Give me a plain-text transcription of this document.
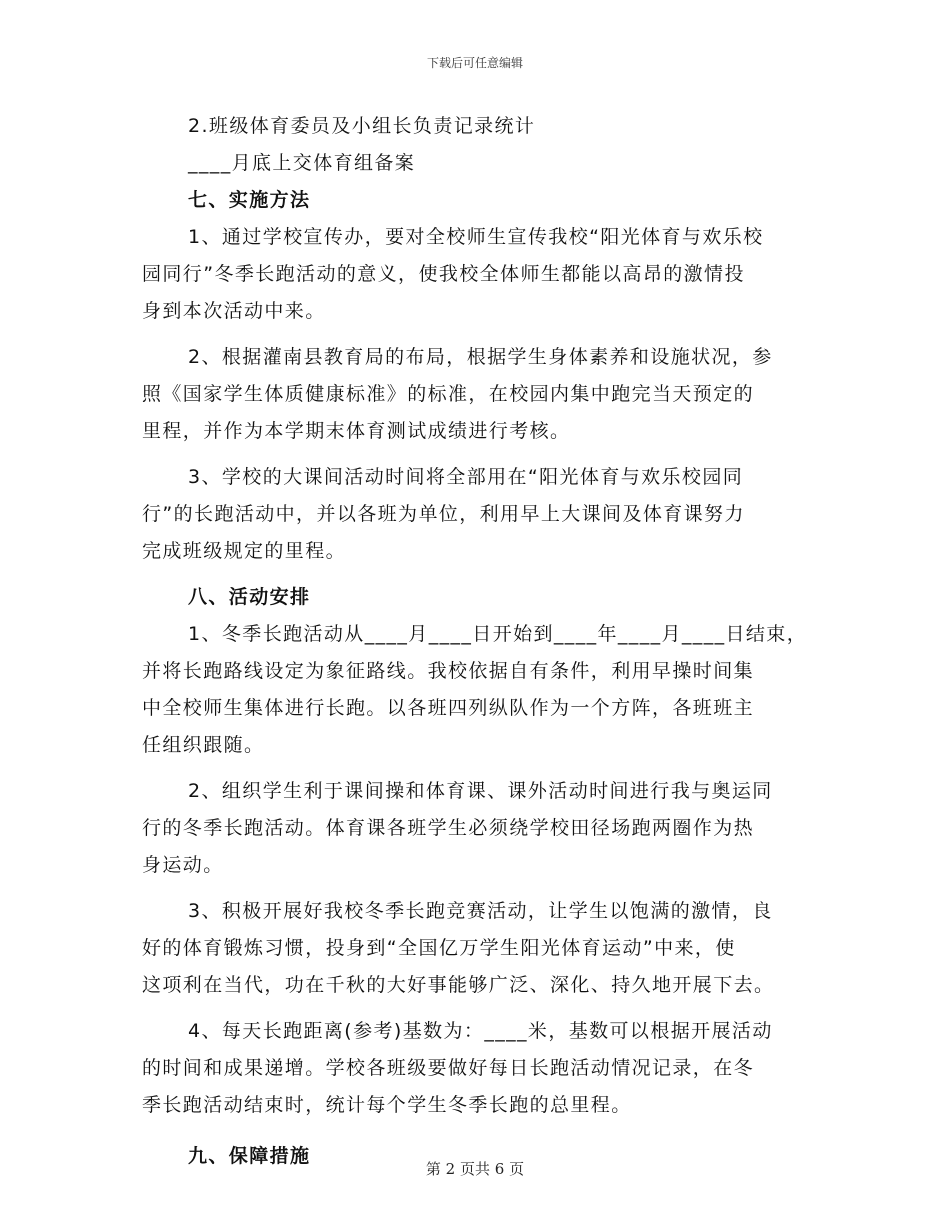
下载后可任意编辑
2.班级体育委员及小组长负责记录统计
____月底上交体育组备案
七、实施方法
1、通过学校宣传办，要对全校师生宣传我校“阳光体育与欢乐校
园同行”冬季长跑活动的意义，使我校全体师生都能以高昂的激情投
身到本次活动中来。
2、根据灌南县教育局的布局，根据学生身体素养和设施状况，参
照《国家学生体质健康标准》的标准，在校园内集中跑完当天预定的
里程，并作为本学期末体育测试成绩进行考核。
3、学校的大课间活动时间将全部用在“阳光体育与欢乐校园同
行”的长跑活动中，并以各班为单位，利用早上大课间及体育课努力
完成班级规定的里程。
八、活动安排
1、冬季长跑活动从____月____日开始到____年____月____日结束，
并将长跑路线设定为象征路线。我校依据自有条件，利用早操时间集
中全校师生集体进行长跑。以各班四列纵队作为一个方阵，各班班主
任组织跟随。
2、组织学生利于课间操和体育课、课外活动时间进行我与奥运同
行的冬季长跑活动。体育课各班学生必须绕学校田径场跑两圈作为热
身运动。
3、积极开展好我校冬季长跑竞赛活动，让学生以饱满的激情，良
好的体育锻炼习惯，投身到“全国亿万学生阳光体育运动”中来，使
这项利在当代，功在千秋的大好事能够广泛、深化、持久地开展下去。
4、每天长跑距离(参考)基数为：____米，基数可以根据开展活动
的时间和成果递增。学校各班级要做好每日长跑活动情况记录，在冬
季长跑活动结束时，统计每个学生冬季长跑的总里程。
九、保障措施
第 2 页共 6 页
